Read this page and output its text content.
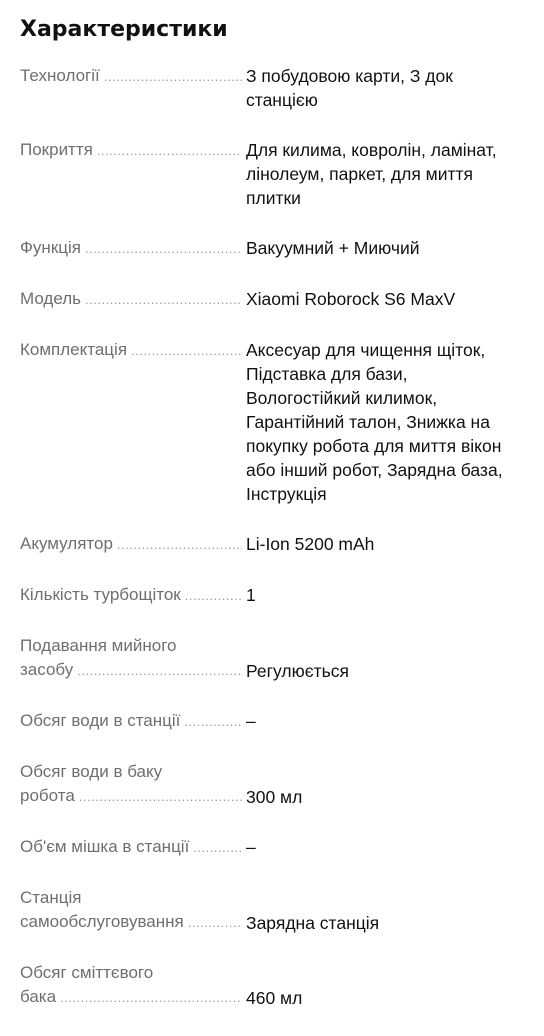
Характеристики
Технології .....	З побудовою карти, З док станцією
Покриття .....	Для килима, ковролін, ламінат, лінолеум, паркет, для миття плитки
Функція .....	Вакуумний + Миючий
Модель .....	Xiaomi Roborock S6 MaxV
Комплектація .....	Аксесуар для чищення щіток, Підставка для бази, Вологостійкий килимок, Гарантійний талон, Знижка на покупку робота для миття вікон або інший робот, Зарядна база, Інструкція
Акумулятор .....	Li-Ion 5200 mAh
Кількість турбощіток .....	1
Подавання мийного
засобу .....	Регулюється
Обсяг води в станції .....	–
Обсяг води в баку
робота .....	300 мл
Об'єм мішка в станції .....	–
Станція
самообслуговування .....	Зарядна станція
Обсяг сміттєвого
бака .....	460 мл
